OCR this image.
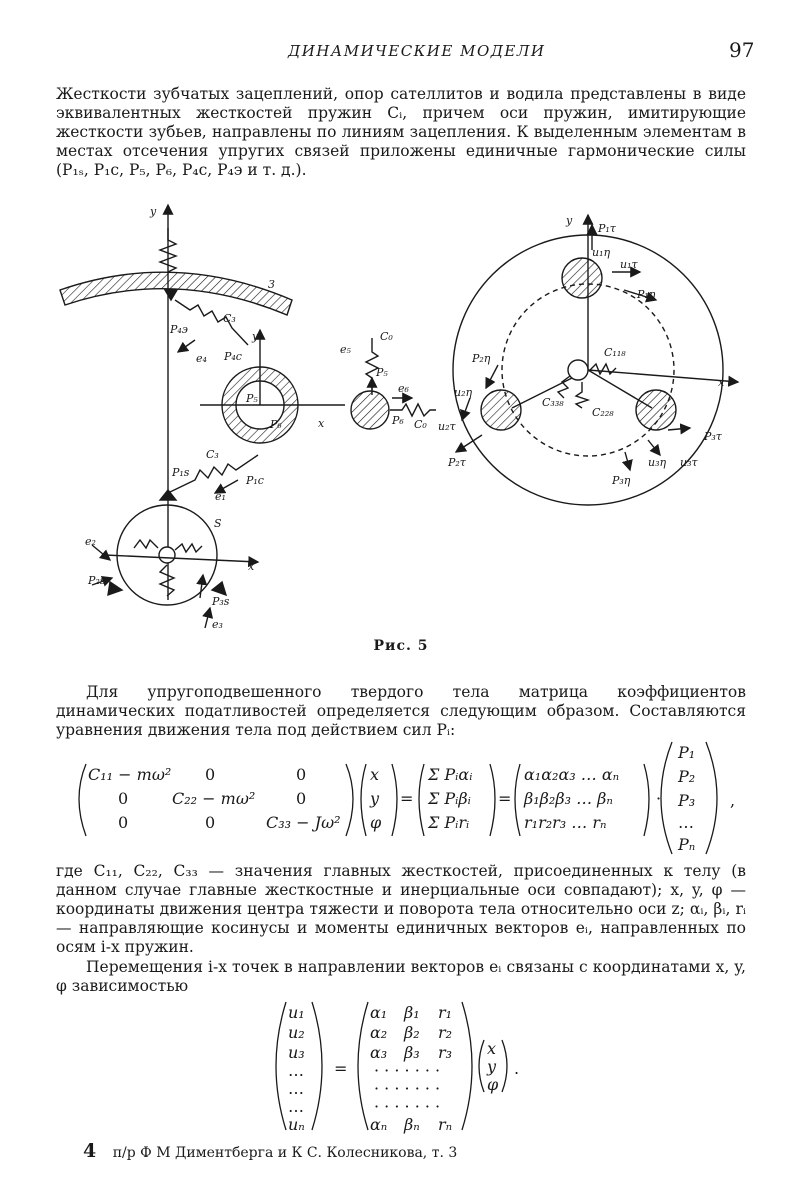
ДИНАМИЧЕСКИЕ МОДЕЛИ	97
Жесткости зубчатых зацеплений, опор сателлитов и водила представлены в виде эквивалентных жесткостей пружин Cᵢ, причем оси пружин, имитирующие жесткости зубьев, направлены по линиям зацепления. К выделенным элементам в местах отсечения упругих связей приложены единичные гармонические силы (P₁ₛ, P₁c, P₅, P₆, P₄c, P₄э и т. д.).
y
3
P₄э
C₃
e₄
y
P₄c
P₅
P₆	x
C₃
P₁s
P₁c
e₁
S
e₂
P₂s
x
P₃s
e₃
e₅
C₀
P₅
e₆
P₆ C₀
y
P₁τ
u₁η
u₁τ
P₁η
P₂η	C₁₁₈
x
u₂η
C₃₃₈
C₂₂₈
u₂τ
P₂τ
P₃τ
u₃η u₃τ
P₃η
Рис. 5
Для упругоподвешенного твердого тела матрица коэффициентов динамических податливостей определяется следующим образом. Составляются уравнения движения тела под действием сил Pᵢ:
C₁₁ − mω² 0	0
0	C₂₂ − mω²	0
0	0	C₃₃ − Jω²
x
y
φ
=
Σ Pᵢαᵢ
Σ Pᵢβᵢ
Σ Pᵢrᵢ
=
α₁α₂α₃ … αₙ
β₁β₂β₃ … βₙ
r₁r₂r₃ … rₙ
·
P₁
P₂
P₃
…
Pₙ
,
где C₁₁, C₂₂, C₃₃ — значения главных жесткостей, присоединенных к телу (в данном случае главные жесткостные и инерциальные оси совпадают); x, y, φ — координаты движения центра тяжести и поворота тела относительно оси z; αᵢ, βᵢ, rᵢ — направляющие косинусы и моменты единичных векторов eᵢ, направленных по осям i-х пружин.
Перемещения i-х точек в направлении векторов eᵢ связаны с координатами x, y, φ зависимостью
u₁
u₂
u₃
…
…
…
uₙ
=
α₁ β₁ r₁
α₂ β₂ r₂
α₃ β₃ r₃
· · · · · · ·
· · · · · · ·
· · · · · · ·
αₙ βₙ rₙ
x
y
φ
.
4 п/р Ф М Диментберга и К С. Колесникова, т. 3
